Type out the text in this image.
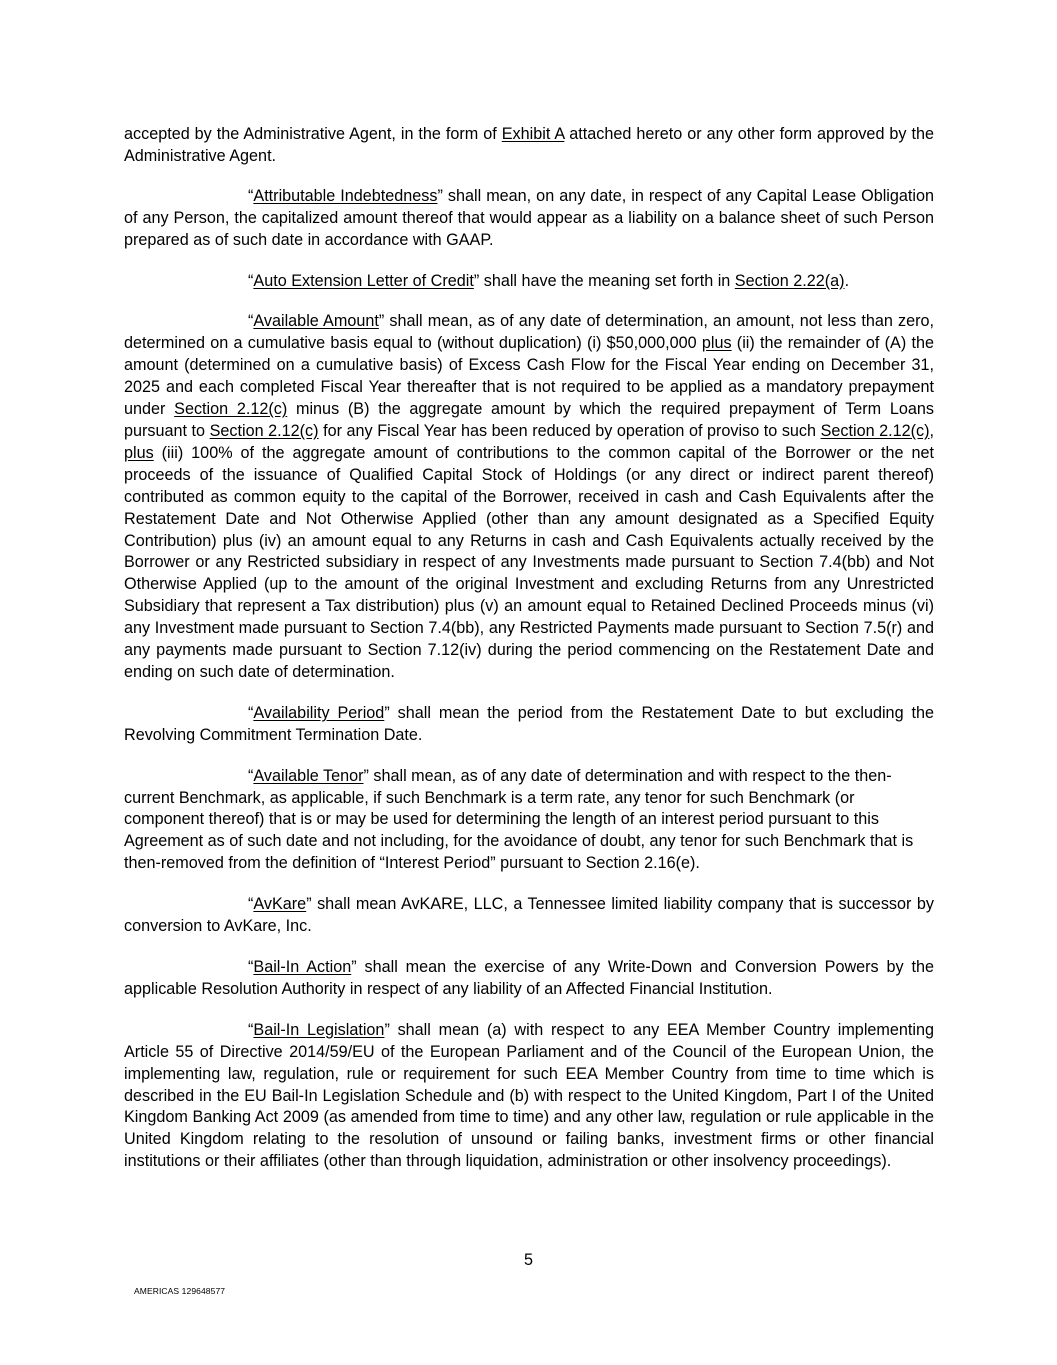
accepted by the Administrative Agent, in the form of Exhibit A attached hereto or any other form approved by the Administrative Agent.

“Attributable Indebtedness” shall mean, on any date, in respect of any Capital Lease Obligation of any Person, the capitalized amount thereof that would appear as a liability on a balance sheet of such Person prepared as of such date in accordance with GAAP.

“Auto Extension Letter of Credit” shall have the meaning set forth in Section 2.22(a).

“Available Amount” shall mean, as of any date of determination, an amount, not less than zero, determined on a cumulative basis equal to (without duplication) (i) $50,000,000 plus (ii) the remainder of (A) the amount (determined on a cumulative basis) of Excess Cash Flow for the Fiscal Year ending on December 31, 2025 and each completed Fiscal Year thereafter that is not required to be applied as a mandatory prepayment under Section 2.12(c) minus (B) the aggregate amount by which the required prepayment of Term Loans pursuant to Section 2.12(c) for any Fiscal Year has been reduced by operation of proviso to such Section 2.12(c), plus (iii) 100% of the aggregate amount of contributions to the common capital of the Borrower or the net proceeds of the issuance of Qualified Capital Stock of Holdings (or any direct or indirect parent thereof) contributed as common equity to the capital of the Borrower, received in cash and Cash Equivalents after the Restatement Date and Not Otherwise Applied (other than any amount designated as a Specified Equity Contribution) plus (iv) an amount equal to any Returns in cash and Cash Equivalents actually received by the Borrower or any Restricted subsidiary in respect of any Investments made pursuant to Section 7.4(bb) and Not Otherwise Applied (up to the amount of the original Investment and excluding Returns from any Unrestricted Subsidiary that represent a Tax distribution) plus (v) an amount equal to Retained Declined Proceeds minus (vi) any Investment made pursuant to Section 7.4(bb), any Restricted Payments made pursuant to Section 7.5(r) and any payments made pursuant to Section 7.12(iv) during the period commencing on the Restatement Date and ending on such date of determination.

“Availability Period” shall mean the period from the Restatement Date to but excluding the Revolving Commitment Termination Date.

“Available Tenor” shall mean, as of any date of determination and with respect to the then-current Benchmark, as applicable, if such Benchmark is a term rate, any tenor for such Benchmark (or component thereof) that is or may be used for determining the length of an interest period pursuant to this Agreement as of such date and not including, for the avoidance of doubt, any tenor for such Benchmark that is then-removed from the definition of “Interest Period” pursuant to Section 2.16(e).

“AvKare” shall mean AvKARE, LLC, a Tennessee limited liability company that is successor by conversion to AvKare, Inc.

“Bail-In Action” shall mean the exercise of any Write-Down and Conversion Powers by the applicable Resolution Authority in respect of any liability of an Affected Financial Institution.

“Bail-In Legislation” shall mean (a) with respect to any EEA Member Country implementing Article 55 of Directive 2014/59/EU of the European Parliament and of the Council of the European Union, the implementing law, regulation, rule or requirement for such EEA Member Country from time to time which is described in the EU Bail-In Legislation Schedule and (b) with respect to the United Kingdom, Part I of the United Kingdom Banking Act 2009 (as amended from time to time) and any other law, regulation or rule applicable in the United Kingdom relating to the resolution of unsound or failing banks, investment firms or other financial institutions or their affiliates (other than through liquidation, administration or other insolvency proceedings).

5
AMERICAS 129648577
